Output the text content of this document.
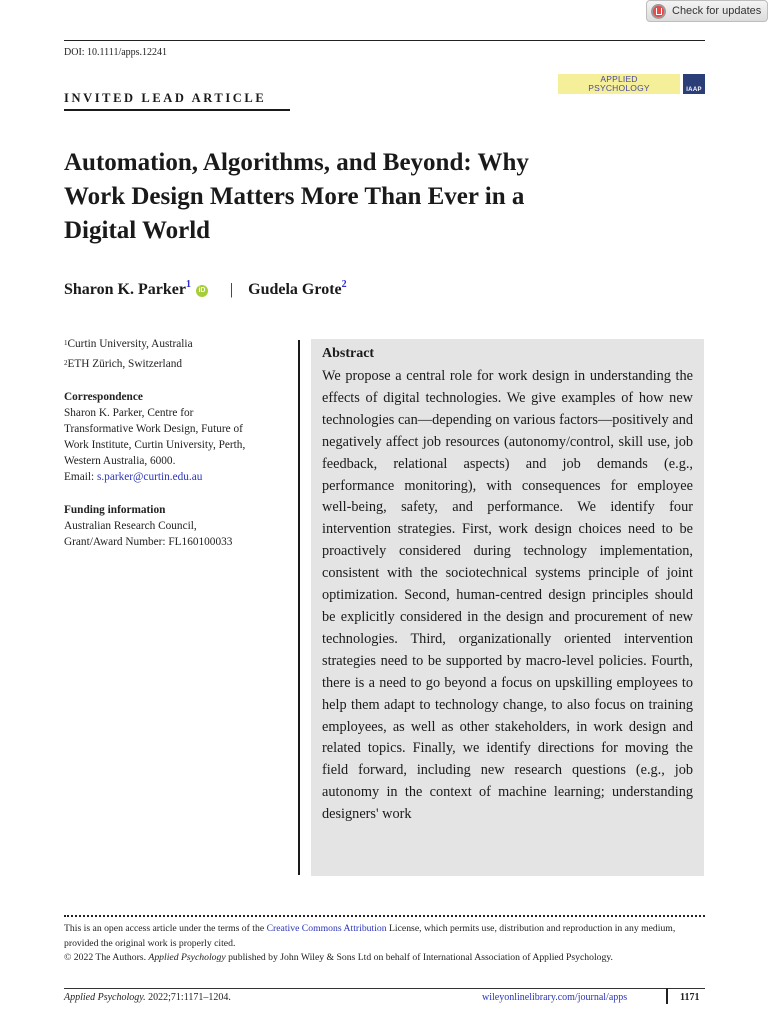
Check for updates
DOI: 10.1111/apps.12241
APPLIED
PSYCHOLOGY	IAAP
INVITED LEAD ARTICLE
Automation, Algorithms, and Beyond: Why
Work Design Matters More Than Ever in a
Digital World
Sharon K. Parker$^1$
iD | Gudela Grote$^2$
$^1$Curtin University, Australia
$^2$ETH Zürich, Switzerland
Correspondence
Sharon K. Parker, Centre for
Transformative Work Design, Future of
Work Institute, Curtin University, Perth,
Western Australia, 6000.
Email: s.parker@curtin.edu.au
Funding information
Australian Research Council,
Grant/Award Number: FL160100033
Abstract

We propose a central role for work design in understanding the effects of digital technologies. We give examples of how new technologies can—depending on various factors—positively and negatively affect job resources (autonomy/control, skill use, job feedback, relational aspects) and job demands (e.g., performance monitoring), with consequences for employee well-being, safety, and performance. We identify four intervention strategies. First, work design choices need to be proactively considered during technology implementation, consistent with the sociotechnical systems principle of joint optimization. Second, human-centred design principles should be explicitly considered in the design and procurement of new technologies. Third, organizationally oriented intervention strategies need to be supported by macro-level policies. Fourth, there is a need to go beyond a focus on upskilling employees to help them adapt to technology change, to also focus on training employees, as well as other stakeholders, in work design and related topics. Finally, we identify directions for moving the field forward, including new research questions (e.g., job autonomy in the context of machine learning; understanding designers' work

This is an open access article under the terms of the Creative Commons Attribution License, which permits use, distribution and reproduction in any medium, provided the original work is properly cited.
© 2022 The Authors. Applied Psychology published by John Wiley & Sons Ltd on behalf of International Association of Applied Psychology.
Applied Psychology. 2022;71:1171–1204.	wileyonlinelibrary.com/journal/apps	1171
